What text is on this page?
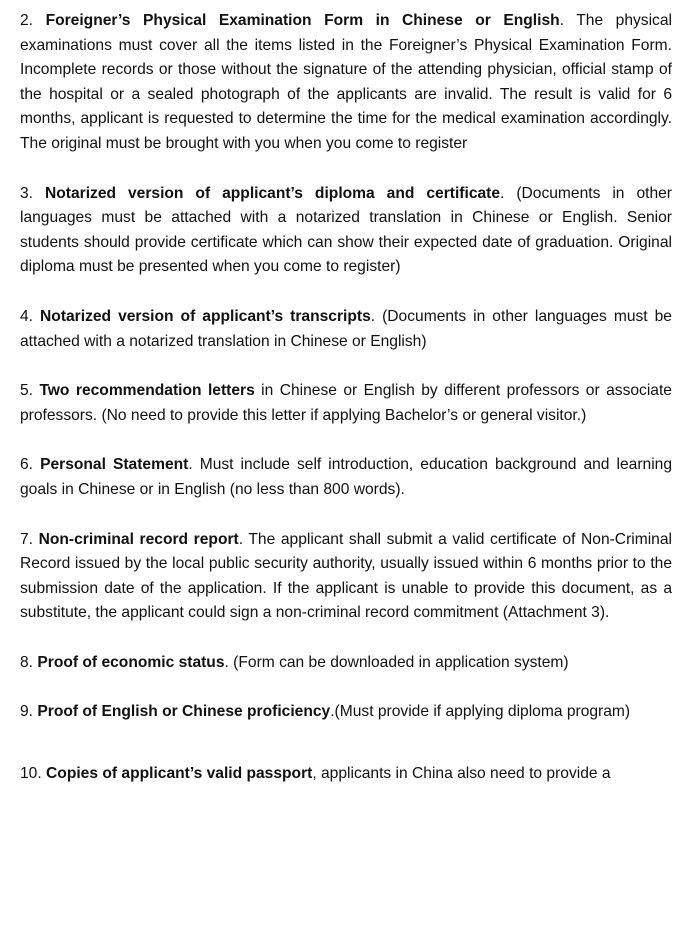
2. Foreigner’s Physical Examination Form in Chinese or English. The physical examinations must cover all the items listed in the Foreigner’s Physical Examination Form. Incomplete records or those without the signature of the attending physician, official stamp of the hospital or a sealed photograph of the applicants are invalid. The result is valid for 6 months, applicant is requested to determine the time for the medical examination accordingly. The original must be brought with you when you come to register

3. Notarized version of applicant’s diploma and certificate. (Documents in other languages must be attached with a notarized translation in Chinese or English. Senior students should provide certificate which can show their expected date of graduation. Original diploma must be presented when you come to register)

4. Notarized version of applicant’s transcripts. (Documents in other languages must be attached with a notarized translation in Chinese or English)

5. Two recommendation letters in Chinese or English by different professors or associate professors. (No need to provide this letter if applying Bachelor’s or general visitor.)

6. Personal Statement. Must include self introduction, education background and learning goals in Chinese or in English (no less than 800 words).

7. Non-criminal record report. The applicant shall submit a valid certificate of Non-Criminal Record issued by the local public security authority, usually issued within 6 months prior to the submission date of the application. If the applicant is unable to provide this document, as a substitute, the applicant could sign a non-criminal record commitment (Attachment 3).

8. Proof of economic status. (Form can be downloaded in application system)

9. Proof of English or Chinese proficiency.(Must provide if applying diploma program)

10. Copies of applicant’s valid passport, applicants in China also need to provide a
